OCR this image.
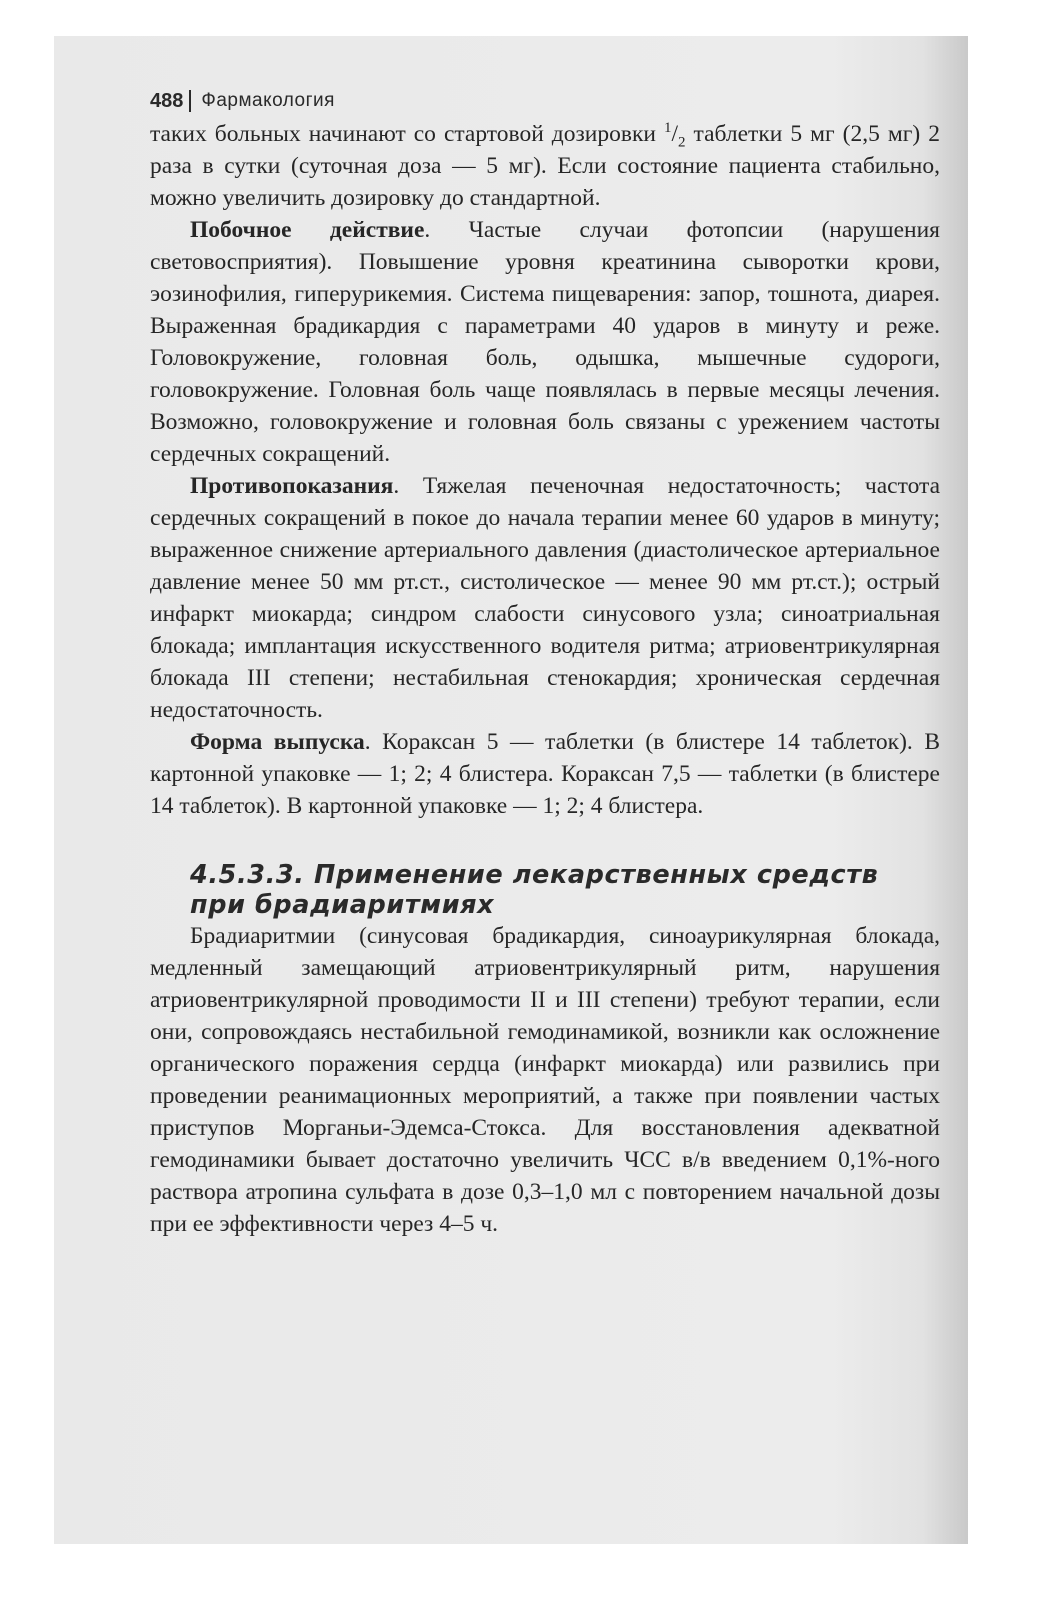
488 Фармакология

таких больных начинают со стартовой дозировки $^1/_2$ таблетки 5 мг (2,5 мг) 2 раза в сутки (суточная доза — 5 мг). Если состояние пациента стабильно, можно увеличить дозировку до стандартной.

Побочное действие. Частые случаи фотопсии (нарушения световосприятия). Повышение уровня креатинина сыворотки крови, эозинофилия, гиперурикемия. Система пищеварения: запор, тошнота, диарея. Выраженная брадикардия с параметрами 40 ударов в минуту и реже. Головокружение, головная боль, одышка, мышечные судороги, головокружение. Головная боль чаще появлялась в первые месяцы лечения. Возможно, головокружение и головная боль связаны с урежением частоты сердечных сокращений.

Противопоказания. Тяжелая печеночная недостаточность; частота сердечных сокращений в покое до начала терапии менее 60 ударов в минуту; выраженное снижение артериального давления (диастолическое артериальное давление менее 50 мм рт.ст., систолическое — менее 90 мм рт.ст.); острый инфаркт миокарда; синдром слабости синусового узла; синоатриальная блокада; имплантация искусственного водителя ритма; атриовентрикулярная блокада III степени; нестабильная стенокардия; хроническая сердечная недостаточность.

Форма выпуска. Кораксан 5 — таблетки (в блистере 14 таблеток). В картонной упаковке — 1; 2; 4 блистера. Кораксан 7,5 — таблетки (в блистере 14 таблеток). В картонной упаковке — 1; 2; 4 блистера.

4.5.3.3. Применение лекарственных средств
при брадиаритмиях

Брадиаритмии (синусовая брадикардия, синоаурикулярная блокада, медленный замещающий атриовентрикулярный ритм, нарушения атриовентрикулярной проводимости II и III степени) требуют терапии, если они, сопровождаясь нестабильной гемодинамикой, возникли как осложнение органического поражения сердца (инфаркт миокарда) или развились при проведении реанимационных мероприятий, а также при появлении частых приступов Морганьи-Эдемса-Стокса. Для восстановления адекватной гемодинамики бывает достаточно увеличить ЧСС в/в введением 0,1%-ного раствора атропина сульфата в дозе 0,3–1,0 мл с повторением начальной дозы при ее эффективности через 4–5 ч.
